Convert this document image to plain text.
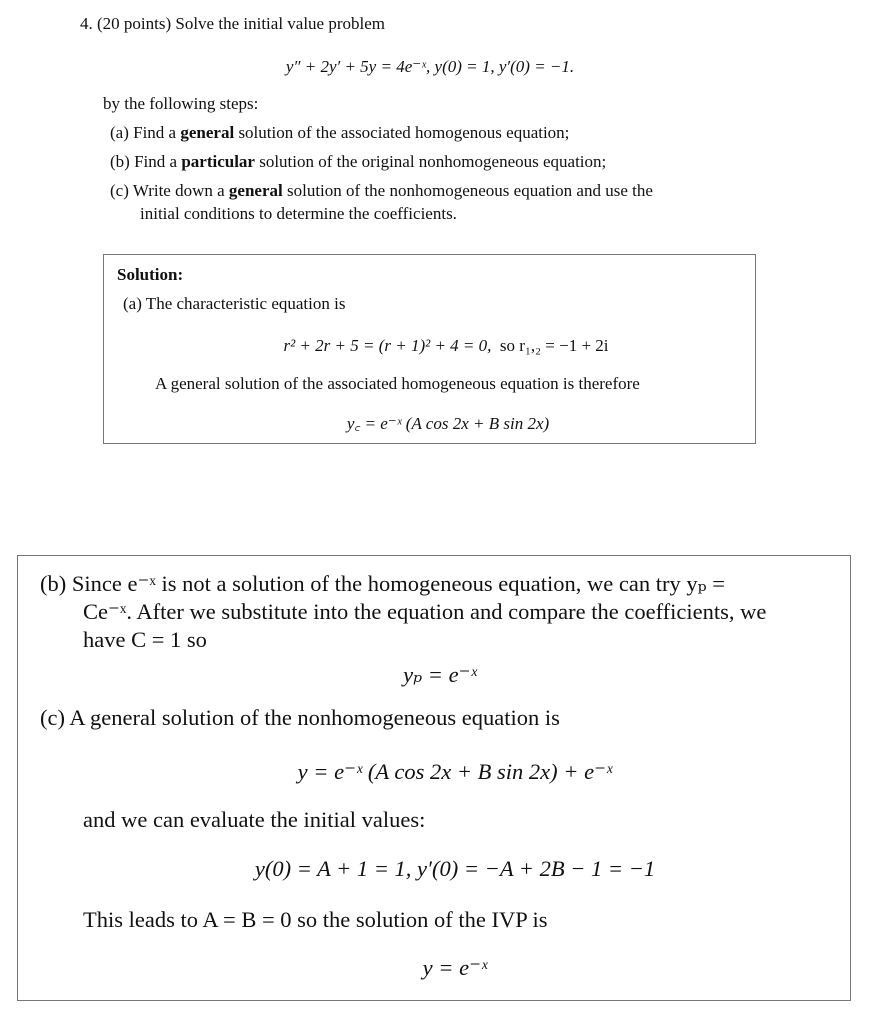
4. (20 points) Solve the initial value problem
y″ + 2y′ + 5y = 4e⁻ˣ, y(0) = 1, y′(0) = −1.
by the following steps:
(a) Find a general solution of the associated homogenous equation;
(b) Find a particular solution of the original nonhomogeneous equation;
(c) Write down a general solution of the nonhomogeneous equation and use the
initial conditions to determine the coefficients.
Solution:
(a) The characteristic equation is
r² + 2r + 5 = (r + 1)² + 4 = 0, so r₁,₂ = −1 + 2i
A general solution of the associated homogeneous equation is therefore
y꜀ = e⁻ˣ (A cos 2x + B sin 2x)
(b) Since e⁻ˣ is not a solution of the homogeneous equation, we can try yₚ =
Ce⁻ˣ. After we substitute into the equation and compare the coefficients, we
have C = 1 so
yₚ = e⁻ˣ
(c) A general solution of the nonhomogeneous equation is
y = e⁻ˣ (A cos 2x + B sin 2x) + e⁻ˣ
and we can evaluate the initial values:
y(0) = A + 1 = 1, y′(0) = −A + 2B − 1 = −1
This leads to A = B = 0 so the solution of the IVP is
y = e⁻ˣ
